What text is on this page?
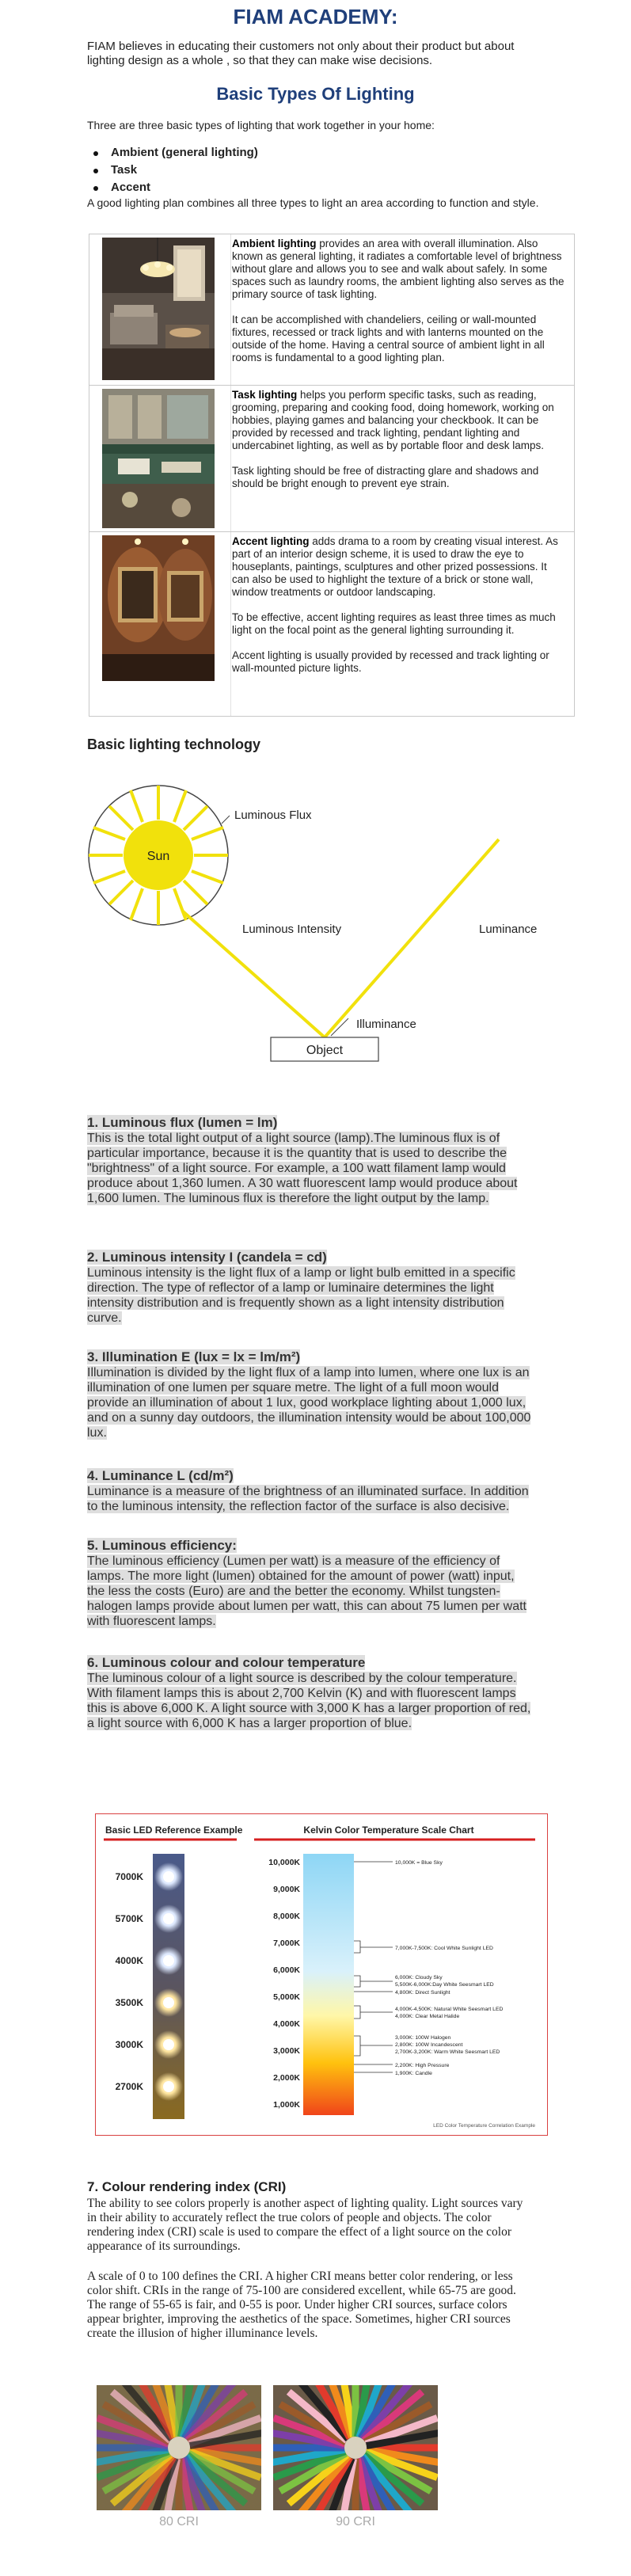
FIAM ACADEMY:
FIAM believes in educating their customers not only about their product but about lighting design as a whole , so that they can make wise decisions.
Basic Types Of Lighting
Three are three basic types of lighting that work together in your home:
Ambient (general lighting)
Task
Accent
A good lighting plan combines all three types to light an area according to function and style.

Ambient lighting provides an area with overall illumination. Also known as general lighting, it radiates a comfortable level of brightness without glare and allows you to see and walk about safely. In some spaces such as laundry rooms, the ambient lighting also serves as the primary source of task lighting.

It can be accomplished with chandeliers, ceiling or wall-mounted fixtures, recessed or track lights and with lanterns mounted on the outside of the home. Having a central source of ambient light in all rooms is fundamental to a good lighting plan.

Task lighting helps you perform specific tasks, such as reading, grooming, preparing and cooking food, doing homework, working on hobbies, playing games and balancing your checkbook. It can be provided by recessed and track lighting, pendant lighting and undercabinet lighting, as well as by portable floor and desk lamps.

Task lighting should be free of distracting glare and shadows and should be bright enough to prevent eye strain.

Accent lighting adds drama to a room by creating visual interest. As part of an interior design scheme, it is used to draw the eye to houseplants, paintings, sculptures and other prized possessions. It can also be used to highlight the texture of a brick or stone wall, window treatments or outdoor landscaping.

To be effective, accent lighting requires as least three times as much light on the focal point as the general lighting surrounding it.

Accent lighting is usually provided by recessed and track lighting or wall-mounted picture lights.

Basic lighting technology
Sun
Luminous Flux
Luminous Intensity	Luminance
Illuminance
Object
1. Luminous flux (lumen = lm)
This is the total light output of a light source (lamp).The luminous flux is of particular importance, because it is the quantity that is used to describe the "brightness" of a light source. For example, a 100 watt filament lamp would produce about 1,360 lumen. A 30 watt fluorescent lamp would produce about 1,600 lumen. The luminous flux is therefore the light output by the lamp.
2. Luminous intensity I (candela = cd)
Luminous intensity is the light flux of a lamp or light bulb emitted in a specific direction. The type of reflector of a lamp or luminaire determines the light intensity distribution and is frequently shown as a light intensity distribution curve.
3. Illumination E (lux = lx = lm/m²)
Illumination is divided by the light flux of a lamp into lumen, where one lux is an illumination of one lumen per square metre. The light of a full moon would provide an illumination of about 1 lux, good workplace lighting about 1,000 lux, and on a sunny day outdoors, the illumination intensity would be about 100,000 lux.
4. Luminance L (cd/m²)
Luminance is a measure of the brightness of an illuminated surface. In addition to the luminous intensity, the reflection factor of the surface is also decisive.
5. Luminous efficiency:
The luminous efficiency (Lumen per watt) is a measure of the efficiency of lamps. The more light (lumen) obtained for the amount of power (watt) input, the less the costs (Euro) are and the better the economy. Whilst tungsten-halogen lamps provide about lumen per watt, this can about 75 lumen per watt with fluorescent lamps.
6. Luminous colour and colour temperature
The luminous colour of a light source is described by the colour temperature. With filament lamps this is about 2,700 Kelvin (K) and with fluorescent lamps this is above 6,000 K. A light source with 3,000 K has a larger proportion of red, a light source with 6,000 K has a larger proportion of blue.
Basic LED Reference Example	Kelvin Color Temperature Scale Chart
7000K
5700K
4000K
3500K
3000K
2700K
10,000K
9,000K
8,000K
7,000K
6,000K
5,000K
4,000K
3,000K
2,000K
1,000K
10,000K = Blue Sky
7,000K-7,500K: Cool White Sunlight LED
6,000K: Cloudy Sky
5,500K-6,000K:Day White Seesmart LED
4,800K: Direct Sunlight
4,000K-4,500K: Natural White Seesmart LED
4,000K: Clear Metal Halide
3,000K: 100W Halogen
2,800K: 100W Incandescent
2,700K-3,200K: Warm White Seesmart LED
2,200K: High Pressure
1,900K: Candle
LED Color Temperature Correlation Example
7. Colour rendering index (CRI)
The ability to see colors properly is another aspect of lighting quality. Light sources vary in their ability to accurately reflect the true colors of people and objects. The color rendering index (CRI) scale is used to compare the effect of a light source on the color appearance of its surroundings.
A scale of 0 to 100 defines the CRI. A higher CRI means better color rendering, or less color shift. CRIs in the range of 75-100 are considered excellent, while 65-75 are good. The range of 55-65 is fair, and 0-55 is poor. Under higher CRI sources, surface colors appear brighter, improving the aesthetics of the space. Sometimes, higher CRI sources create the illusion of higher illuminance levels.
80 CRI	90 CRI
